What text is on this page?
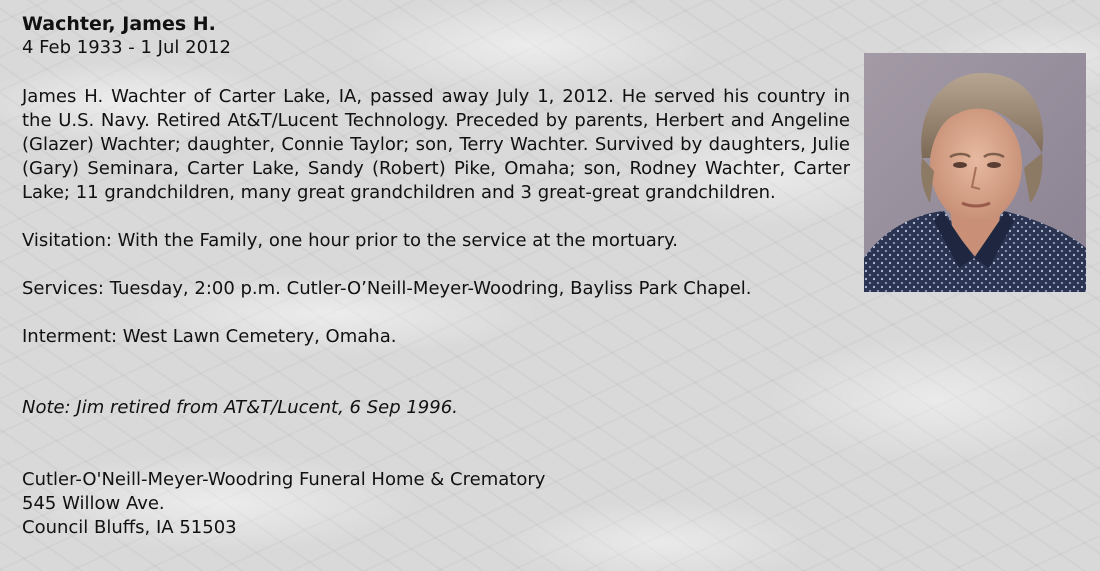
Wachter, James H.

4 Feb 1933 - 1 Jul 2012

James H. Wachter of Carter Lake, IA, passed away July 1, 2012. He served his country in the U.S. Navy. Retired At&T/Lucent Technology. Preceded by parents, Herbert and Angeline (Glazer) Wachter; daughter, Connie Taylor; son, Terry Wachter. Survived by daughters, Julie (Gary) Seminara, Carter Lake, Sandy (Robert) Pike, Omaha; son, Rodney Wachter, Carter Lake; 11 grandchildren, many great grandchildren and 3 great-great grandchildren.

Visitation: With the Family, one hour prior to the service at the mortuary.

Services: Tuesday, 2:00 p.m. Cutler-O’Neill-Meyer-Woodring, Bayliss Park Chapel.

Interment: West Lawn Cemetery, Omaha.

Note: Jim retired from AT&T/Lucent, 6 Sep 1996.

Cutler-O'Neill-Meyer-Woodring Funeral Home & Crematory

545 Willow Ave.

Council Bluffs, IA 51503
